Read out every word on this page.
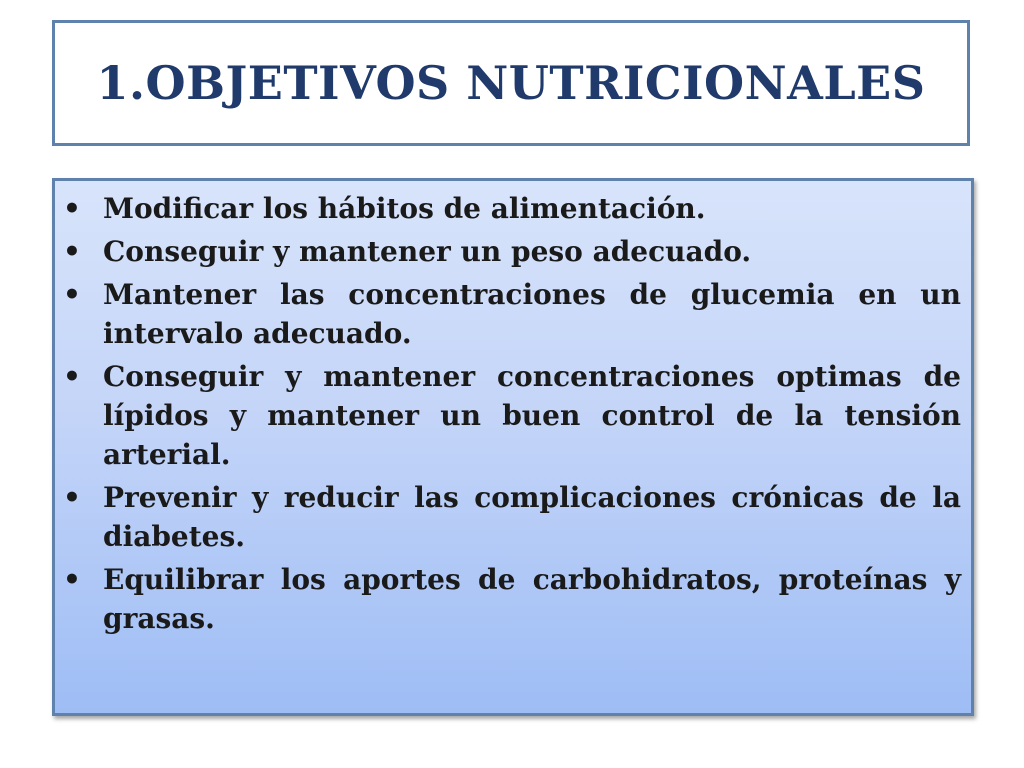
1.OBJETIVOS NUTRICIONALES
• Modificar los hábitos de alimentación.
• Conseguir y mantener un peso adecuado.
• Mantener las concentraciones de glucemia en un intervalo adecuado.
• Conseguir y mantener concentraciones optimas de lípidos y mantener un buen control de la tensión arterial.
• Prevenir y reducir las complicaciones crónicas de la diabetes.
• Equilibrar los aportes de carbohidratos, proteínas y grasas.
